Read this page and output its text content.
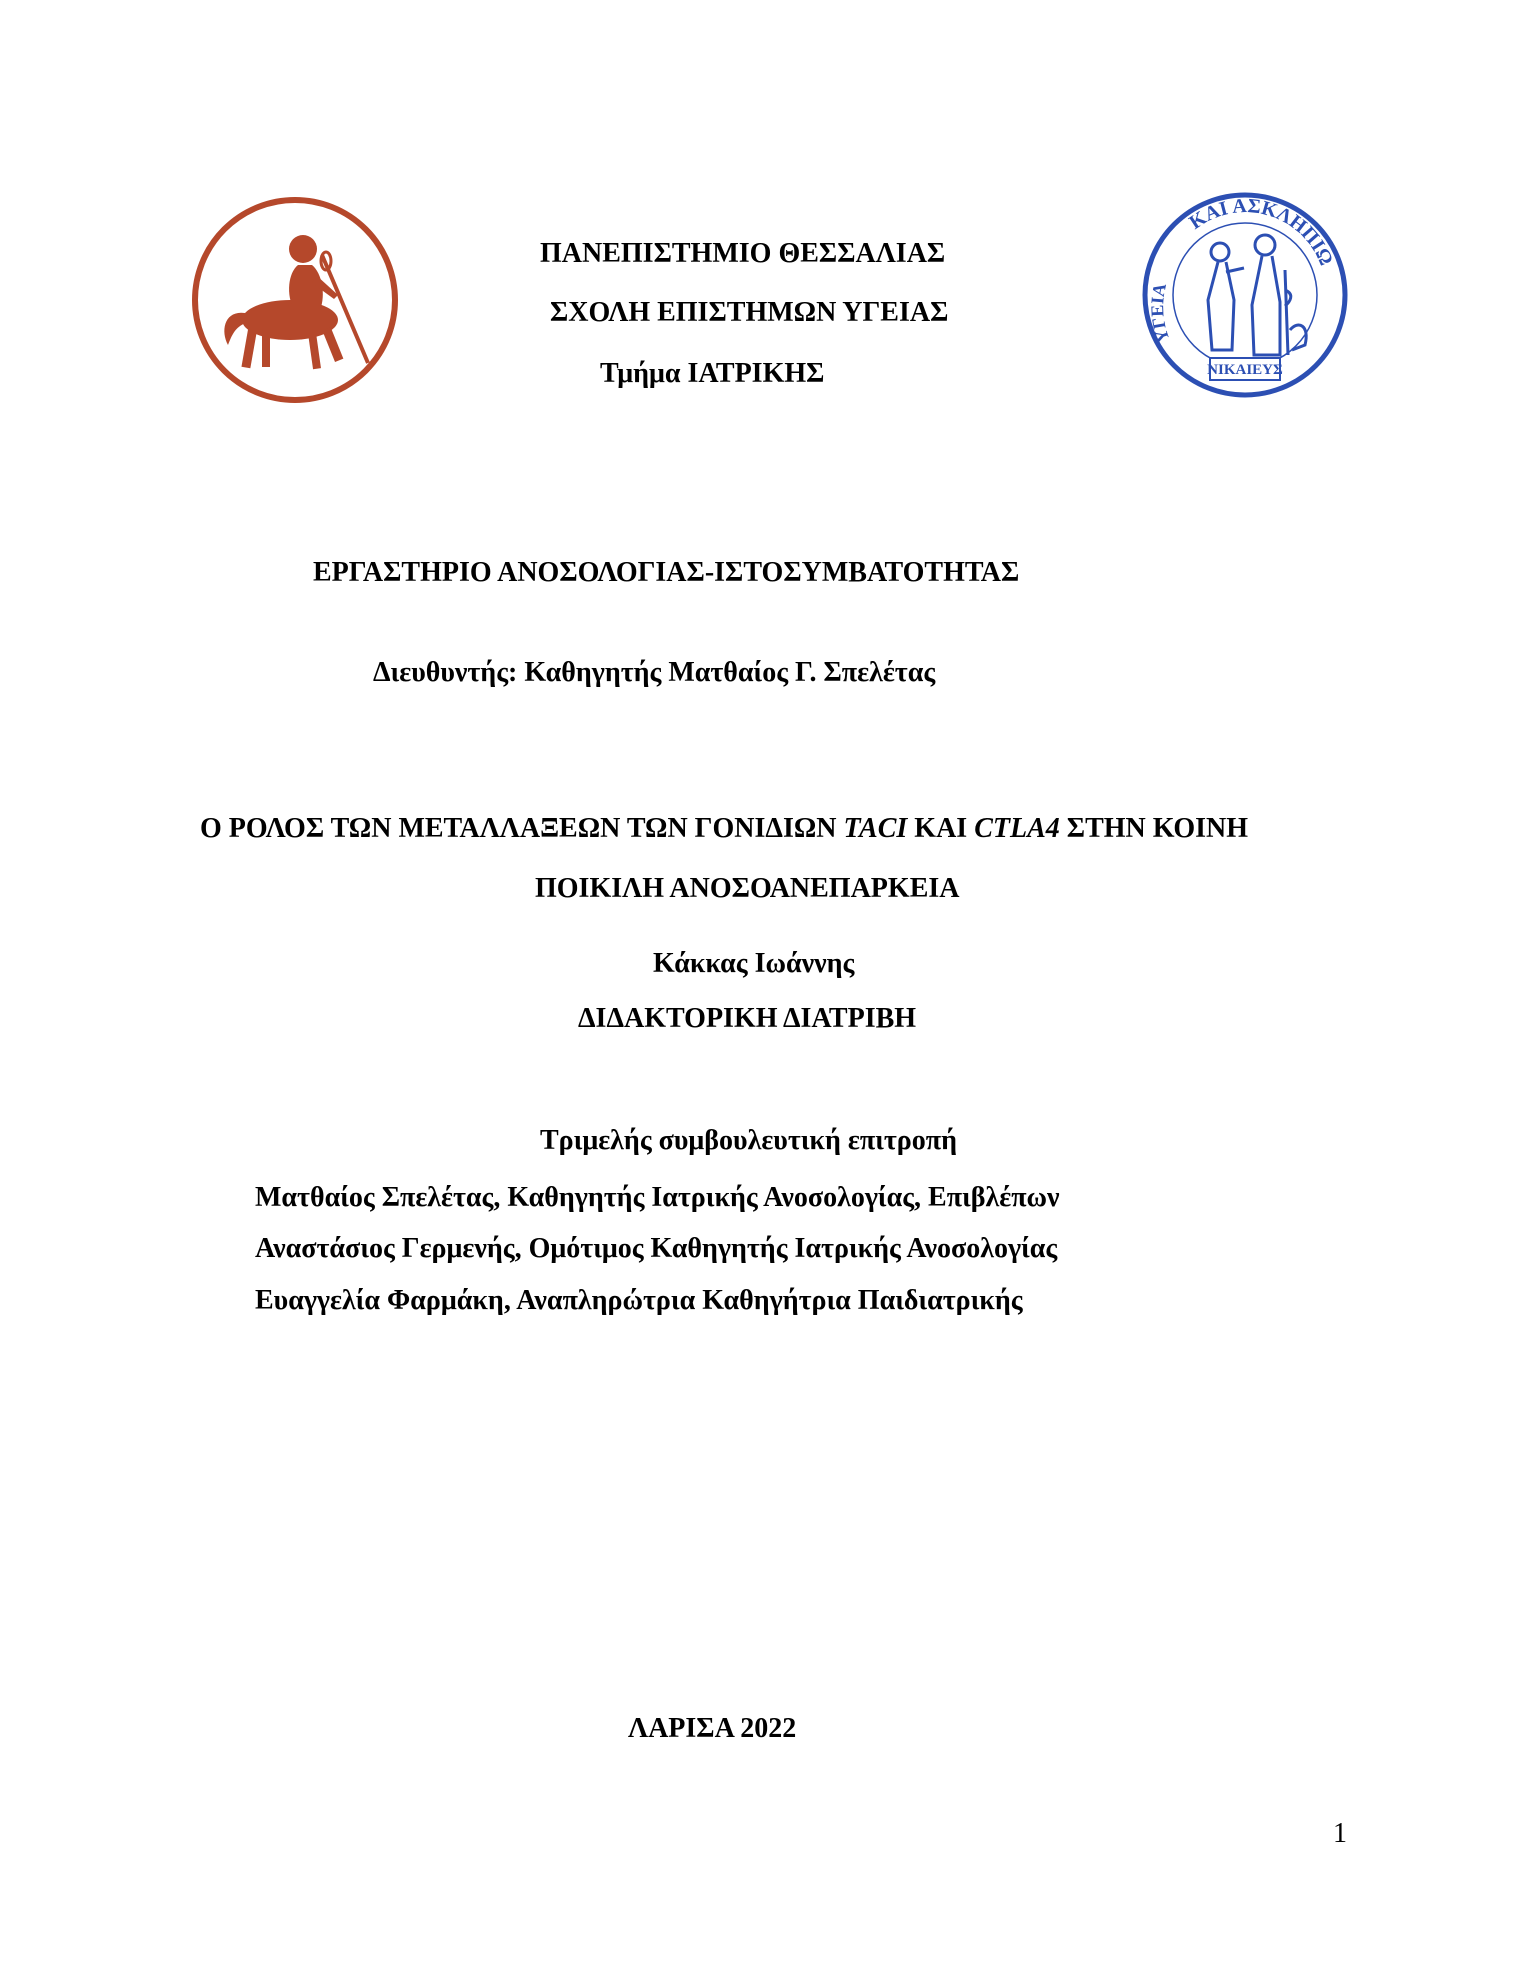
ΚΑΙ ΑΣΚΛΗΠΙΩ
ΥΓΕΙΑ
ΝΙΚΑΙΕΥΣ
ΠΑΝΕΠΙΣΤΗΜΙΟ ΘΕΣΣΑΛΙΑΣ
ΣΧΟΛΗ ΕΠΙΣΤΗΜΩΝ ΥΓΕΙΑΣ
Τμήμα ΙΑΤΡΙΚΗΣ
ΕΡΓΑΣΤΗΡΙΟ ΑΝΟΣΟΛΟΓΙΑΣ-ΙΣΤΟΣΥΜΒΑΤΟΤΗΤΑΣ
Διευθυντής: Καθηγητής Ματθαίος Γ. Σπελέτας
Ο ΡΟΛΟΣ ΤΩΝ ΜΕΤΑΛΛΑΞΕΩΝ ΤΩΝ ΓΟΝΙΔΙΩΝ TACI ΚΑΙ CTLA4 ΣΤΗΝ ΚΟΙΝΗ
ΠΟΙΚΙΛΗ ΑΝΟΣΟΑΝΕΠΑΡΚΕΙΑ
Κάκκας Ιωάννης
ΔΙΔΑΚΤΟΡΙΚΗ ΔΙΑΤΡΙΒΗ
Τριμελής συμβουλευτική επιτροπή
Ματθαίος Σπελέτας, Καθηγητής Ιατρικής Ανοσολογίας, Επιβλέπων
Αναστάσιος Γερμενής, Ομότιμος Καθηγητής Ιατρικής Ανοσολογίας
Ευαγγελία Φαρμάκη, Αναπληρώτρια Καθηγήτρια Παιδιατρικής
ΛΑΡΙΣΑ 2022
1
